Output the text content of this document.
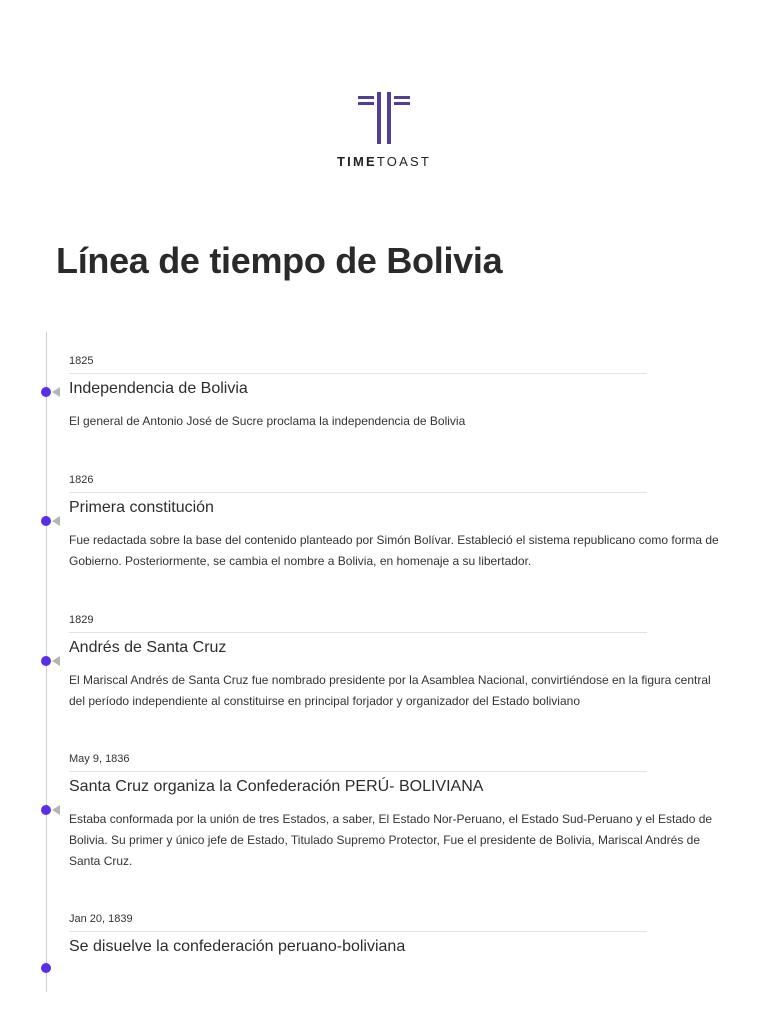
TIMETOAST
Línea de tiempo de Bolivia
1825
Independencia de Bolivia
El general de Antonio José de Sucre proclama la independencia de Bolivia
1826
Primera constitución
Fue redactada sobre la base del contenido planteado por Simón Bolívar. Estableció el sistema republicano como forma de Gobierno. Posteriormente, se cambia el nombre a Bolivia, en homenaje a su libertador.
1829
Andrés de Santa Cruz
El Mariscal Andrés de Santa Cruz fue nombrado presidente por la Asamblea Nacional, convirtiéndose en la figura central del período independiente al constituirse en principal forjador y organizador del Estado boliviano
May 9, 1836
Santa Cruz organiza la Confederación PERÚ- BOLIVIANA
Estaba conformada por la unión de tres Estados, a saber, El Estado Nor-Peruano, el Estado Sud-Peruano y el Estado de Bolivia. Su primer y único jefe de Estado, Titulado Supremo Protector, Fue el presidente de Bolivia, Mariscal Andrés de Santa Cruz.
Jan 20, 1839
Se disuelve la confederación peruano-boliviana
